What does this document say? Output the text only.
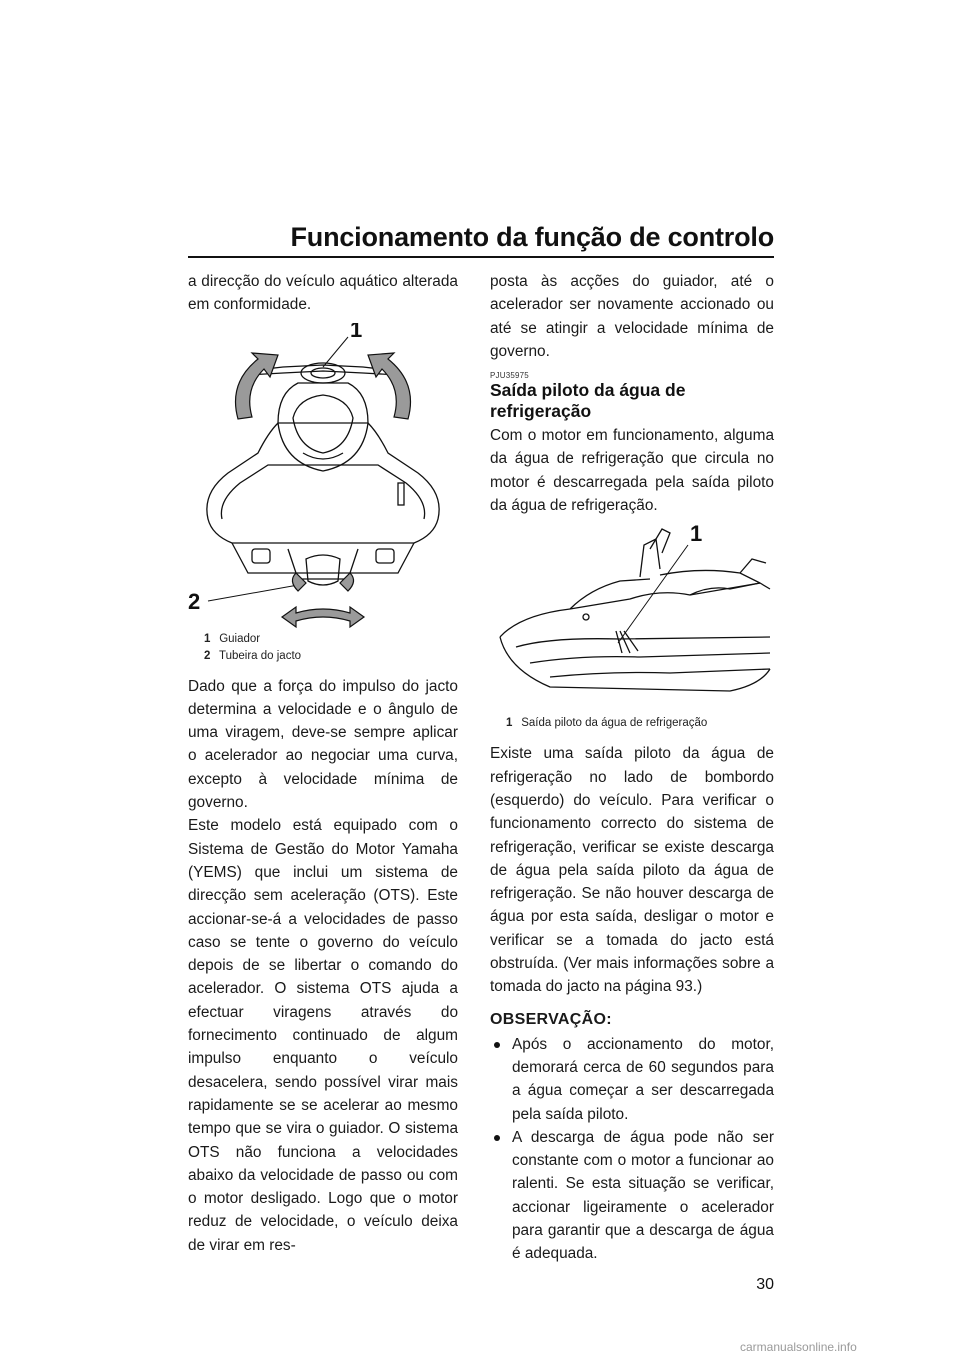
Funcionamento da função de controlo

a direcção do veículo aquático alterada em conformidade.

1
2
1 Guiador
2 Tubeira do jacto

Dado que a força do impulso do jacto determina a velocidade e o ângulo de uma viragem, deve-se sempre aplicar o acelerador ao negociar uma curva, excepto à velocidade mínima de governo.

Este modelo está equipado com o Sistema de Gestão do Motor Yamaha (YEMS) que inclui um sistema de direcção sem aceleração (OTS). Este accionar-se-á a velocidades de passo caso se tente o governo do veículo depois de se libertar o comando do acelerador. O sistema OTS ajuda a efectuar viragens através do fornecimento continuado de algum impulso enquanto o veículo desacelera, sendo possível virar mais rapidamente se se acelerar ao mesmo tempo que se vira o guiador. O sistema OTS não funciona a velocidades abaixo da velocidade de passo ou com o motor desligado. Logo que o motor reduz de velocidade, o veículo deixa de virar em res-

posta às acções do guiador, até o acelerador ser novamente accionado ou até se atingir a velocidade mínima de governo.

PJU35975
Saída piloto da água de refrigeração

Com o motor em funcionamento, alguma da água de refrigeração que circula no motor é descarregada pela saída piloto da água de refrigeração.

1
1 Saída piloto da água de refrigeração

Existe uma saída piloto da água de refrigeração no lado de bombordo (esquerdo) do veículo. Para verificar o funcionamento correcto do sistema de refrigeração, verificar se existe descarga de água pela saída piloto da água de refrigeração. Se não houver descarga de água por esta saída, desligar o motor e verificar se a tomada do jacto está obstruída. (Ver mais informações sobre a tomada do jacto na página 93.)

OBSERVAÇÃO:
Após o accionamento do motor, demorará cerca de 60 segundos para a água começar a ser descarregada pela saída piloto.
A descarga de água pode não ser constante com o motor a funcionar ao ralenti. Se esta situação se verificar, accionar ligeiramente o acelerador para garantir que a descarga de água é adequada.
30
carmanualsonline.info
